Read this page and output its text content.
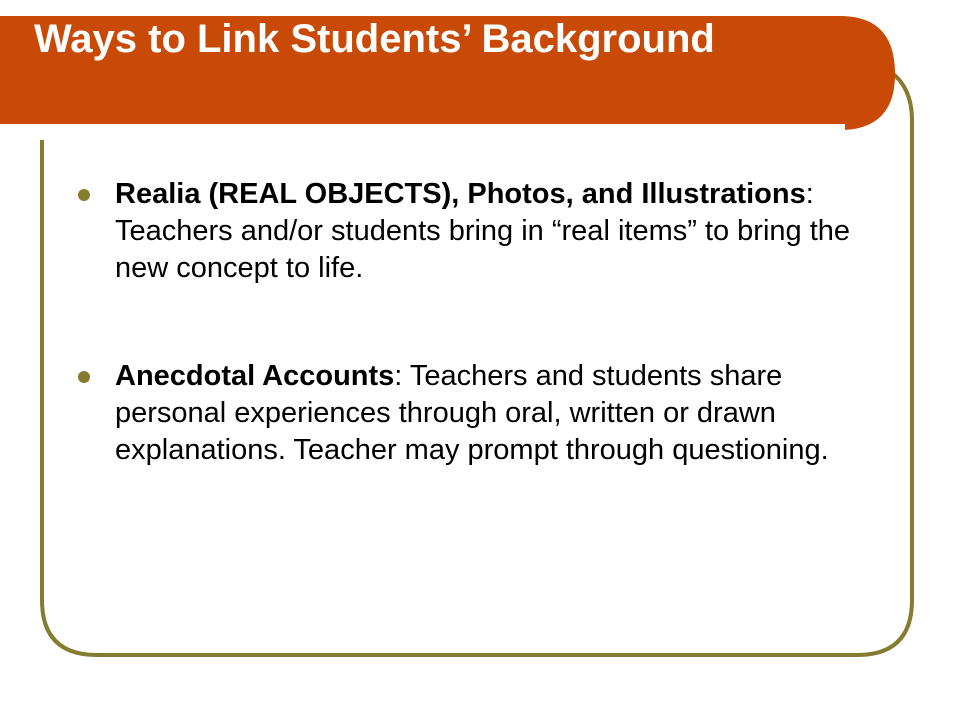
Ways to Link Students’ Background
Realia (REAL OBJECTS), Photos, and Illustrations: Teachers and/or students bring in “real items” to bring the new concept to life.
Anecdotal Accounts: Teachers and students share personal experiences through oral, written or drawn explanations. Teacher may prompt through questioning.
